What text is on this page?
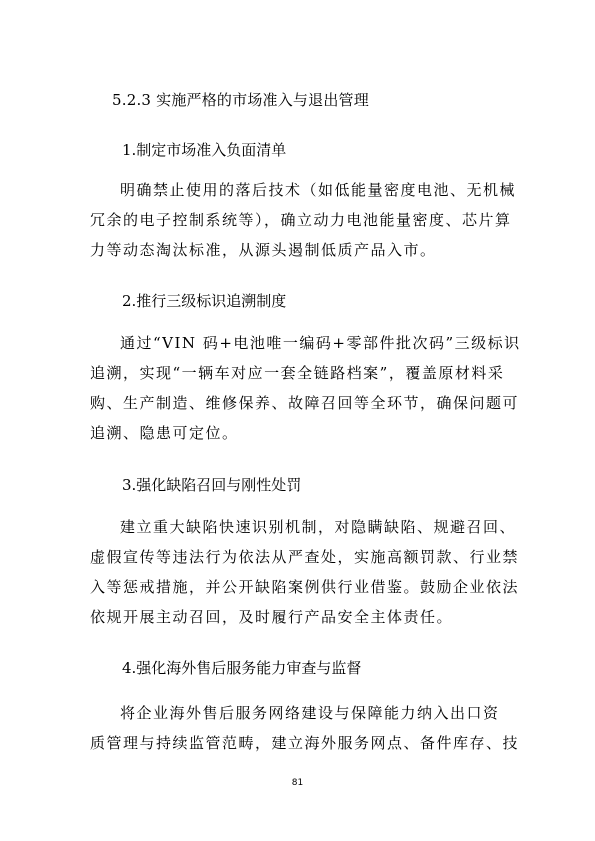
5.2.3 实施严格的市场准入与退出管理
1.制定市场准入负面清单
明确禁止使用的落后技术（如低能量密度电池、无机械
冗余的电子控制系统等），确立动力电池能量密度、芯片算
力等动态淘汰标准，从源头遏制低质产品入市。
2.推行三级标识追溯制度
通过“VIN 码+电池唯一编码+零部件批次码”三级标识
追溯，实现“一辆车对应一套全链路档案”，覆盖原材料采
购、生产制造、维修保养、故障召回等全环节，确保问题可
追溯、隐患可定位。
3.强化缺陷召回与刚性处罚
建立重大缺陷快速识别机制，对隐瞒缺陷、规避召回、
虚假宣传等违法行为依法从严查处，实施高额罚款、行业禁
入等惩戒措施，并公开缺陷案例供行业借鉴。鼓励企业依法
依规开展主动召回，及时履行产品安全主体责任。
4.强化海外售后服务能力审查与监督
将企业海外售后服务网络建设与保障能力纳入出口资
质管理与持续监管范畴，建立海外服务网点、备件库存、技
81
